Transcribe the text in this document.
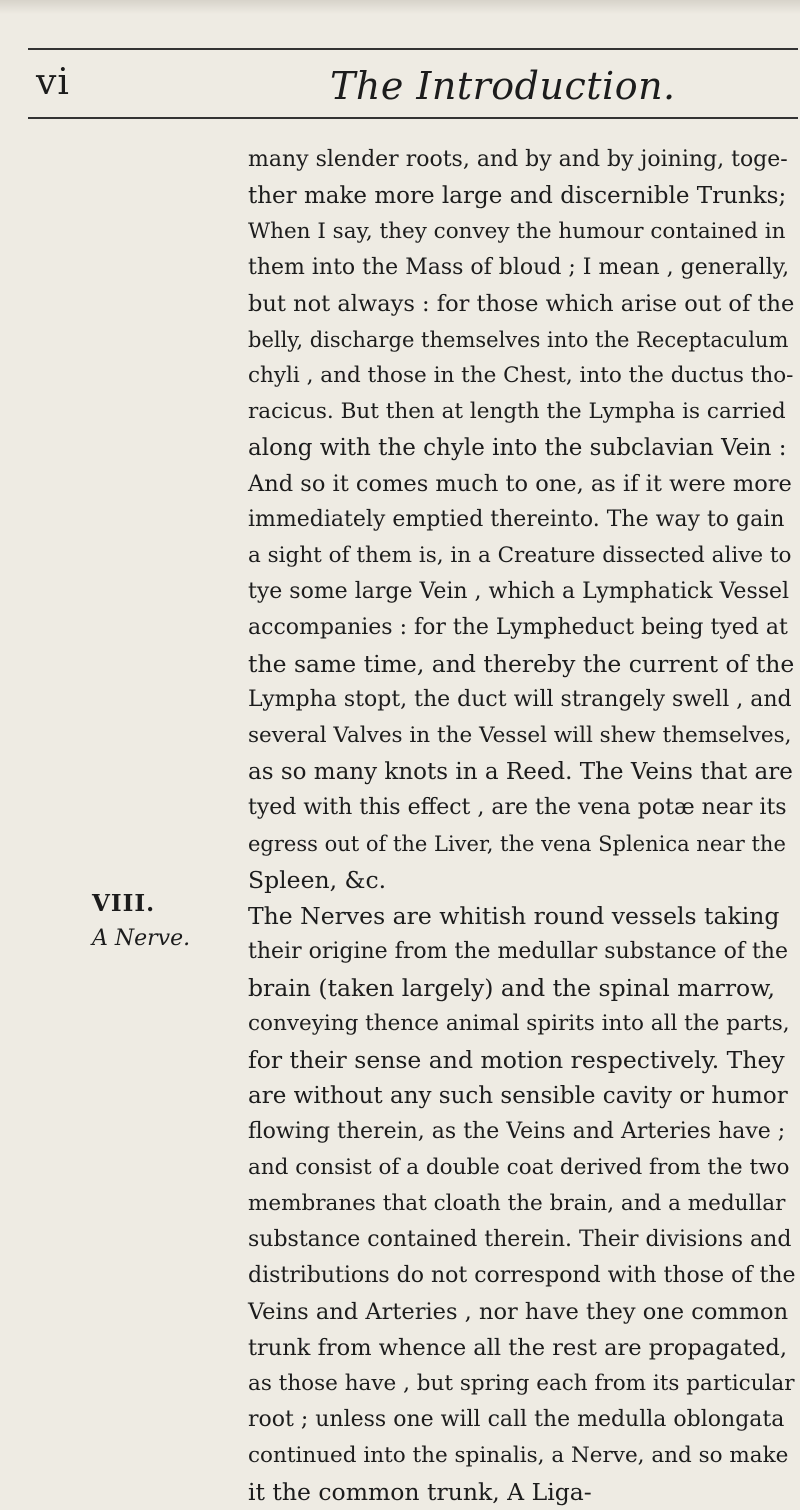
vi	The Introduction.
VIII.
A Nerve.
many slender roots, and by and by joining, toge-
ther make more large and discernible Trunks;
When I say, they convey the humour contained in
them into the Mass of bloud ; I mean , generally,
but not always : for those which arise out of the
belly, discharge themselves into the Receptaculum
chyli , and those in the Chest, into the ductus tho-
racicus. But then at length the Lympha is carried
along with the chyle into the subclavian Vein :
And so it comes much to one, as if it were more
immediately emptied thereinto. The way to gain
a sight of them is, in a Creature dissected alive to
tye some large Vein , which a Lymphatick Vessel
accompanies : for the Lympheduct being tyed at
the same time, and thereby the current of the
Lympha stopt, the duct will strangely swell , and
several Valves in the Vessel will shew themselves,
as so many knots in a Reed. The Veins that are
tyed with this effect , are the vena potæ near its
egress out of the Liver, the vena Splenica near the
Spleen, &c.
The Nerves are whitish round vessels taking
their origine from the medullar substance of the
brain (taken largely) and the spinal marrow,
conveying thence animal spirits into all the parts,
for their sense and motion respectively. They
are without any such sensible cavity or humor
flowing therein, as the Veins and Arteries have ;
and consist of a double coat derived from the two
membranes that cloath the brain, and a medullar
substance contained therein. Their divisions and
distributions do not correspond with those of the
Veins and Arteries , nor have they one common
trunk from whence all the rest are propagated,
as those have , but spring each from its particular
root ; unless one will call the medulla oblongata
continued into the spinalis, a Nerve, and so make
it the common trunk, A Liga-
